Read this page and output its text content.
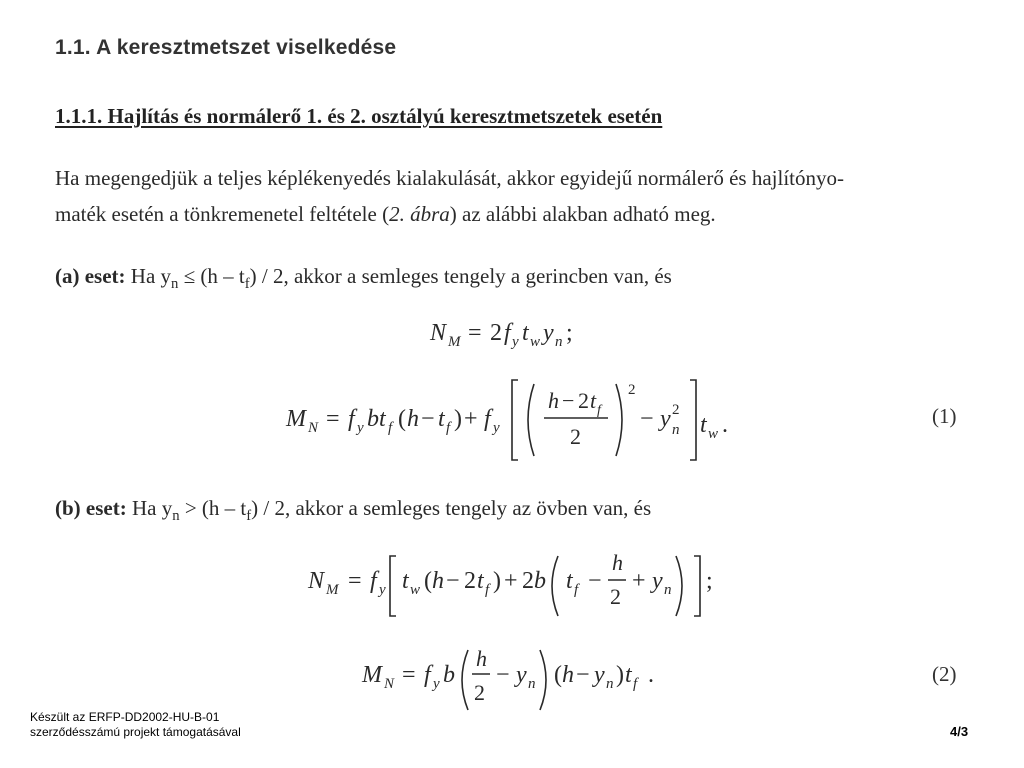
1.1. A keresztmetszet viselkedése
1.1.1. Hajlítás és normálerő 1. és 2. osztályú keresztmetszetek esetén
Ha megengedjük a teljes képlékenyedés kialakulását, akkor egyidejű normálerő és hajlítónyo-
maték esetén a tönkremenetel feltétele (2. ábra) az alábbi alakban adható meg.
(a) eset: Ha $y_n \le (h - t_f) / 2$, akkor a semleges tengely a gerincben van, és
N M = 2 f y t w y n ;
M N = f y bt f ( h − t f ) + f y
h − 2 t f
2
2
− y 2
n t w .	(1)
(b) eset: Ha $y_n > (h - t_f) / 2$, akkor a semleges tengely az övben van, és
N M = f y t w ( h − 2 t f ) + 2 b t f −
h
2
+ y n ;
M N = f y b
h
2
− y n ( h − y n ) t f .	(2)
Készült az ERFP-DD2002-HU-B-01
szerződésszámú projekt támogatásával	4/3
